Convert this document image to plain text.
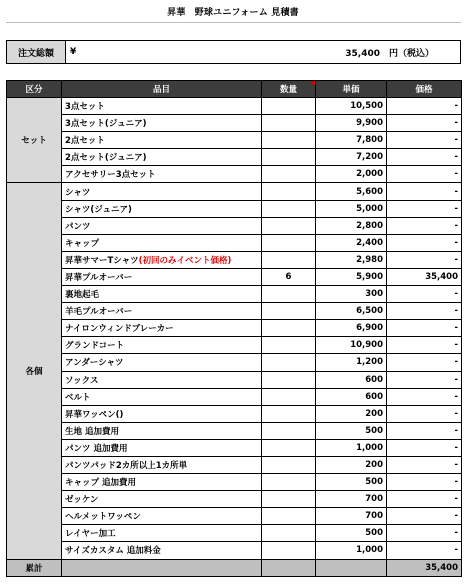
昇華　野球ユニフォーム 見積書
注文総額	¥	35,400　円（税込）
区分	品目	数量	単価	価格
セット	3点セット		10,500	-
	3点セット(ジュニア)		9,900	-
	2点セット		7,800	-
	2点セット(ジュニア)		7,200	-
	アクセサリー3点セット		2,000	-
各個	シャツ		5,600	-
	シャツ(ジュニア)		5,000	-
	パンツ		2,800	-
	キャップ		2,400	-
	昇華サマーTシャツ(初回のみイベント価格)		2,980	-
	昇華プルオーバー	6	5,900	35,400
	裏地起毛		300	-
	羊毛プルオーバー		6,500	-
	ナイロンウィンドブレーカー		6,900	-
	グランドコート		10,900	-
	アンダーシャツ		1,200	-
	ソックス		600	-
	ベルト		600	-
	昇華ワッペン()		200	-
	生地 追加費用		500	-
	パンツ 追加費用		1,000	-
	パンツパッド2カ所以上1カ所単		200	-
	キャップ 追加費用		500	-
	ゼッケン		700	-
	ヘルメットワッペン		700	-
	レイヤー加工		500	-
	サイズカスタム 追加料金		1,000	-
累計				35,400
